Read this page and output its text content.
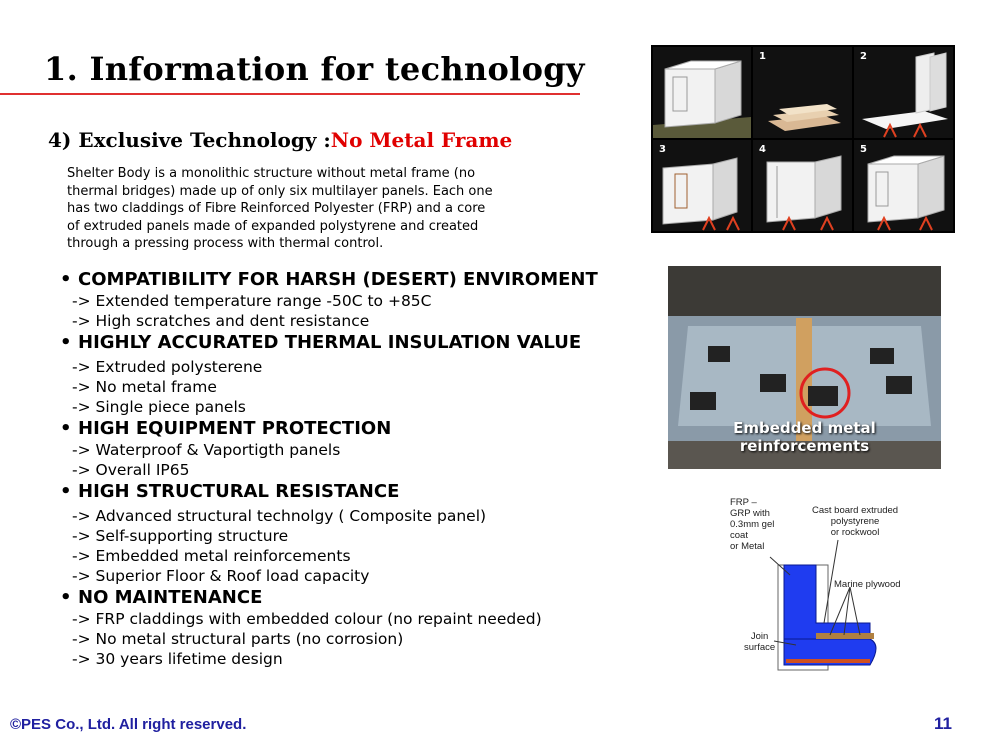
1. Information for technology
4) Exclusive Technology :No Metal Frame

Shelter Body is a monolithic structure without metal frame (no thermal bridges) made up of only six multilayer panels. Each one has two claddings of Fibre Reinforced Polyester (FRP) and a core of extruded panels made of expanded polystyrene and created through a pressing process with thermal control.

• COMPATIBILITY FOR HARSH (DESERT) ENVIROMENT

-> Extended temperature range -50C to +85C
-> High scratches and dent resistance

• HIGHLY ACCURATED THERMAL INSULATION VALUE

-> Extruded polysterene
-> No metal frame
-> Single piece panels

• HIGH EQUIPMENT PROTECTION

-> Waterproof & Vaportigth panels
-> Overall IP65

• HIGH STRUCTURAL RESISTANCE

-> Advanced structural technolgy ( Composite panel)
-> Self-supporting structure
-> Embedded metal reinforcements
-> Superior Floor & Roof load capacity

• NO MAINTENANCE

-> FRP claddings with embedded colour (no repaint needed)
-> No metal structural parts (no corrosion)
-> 30 years lifetime design
1	2
3	4	5
Embedded metal reinforcements
FRP –
GRP with
0.3mm gel
coat
or Metal
Cast board extruded
polystyrene
or rockwool
Marine plywood
Join
surface

©PES Co., Ltd. All right reserved.	11
